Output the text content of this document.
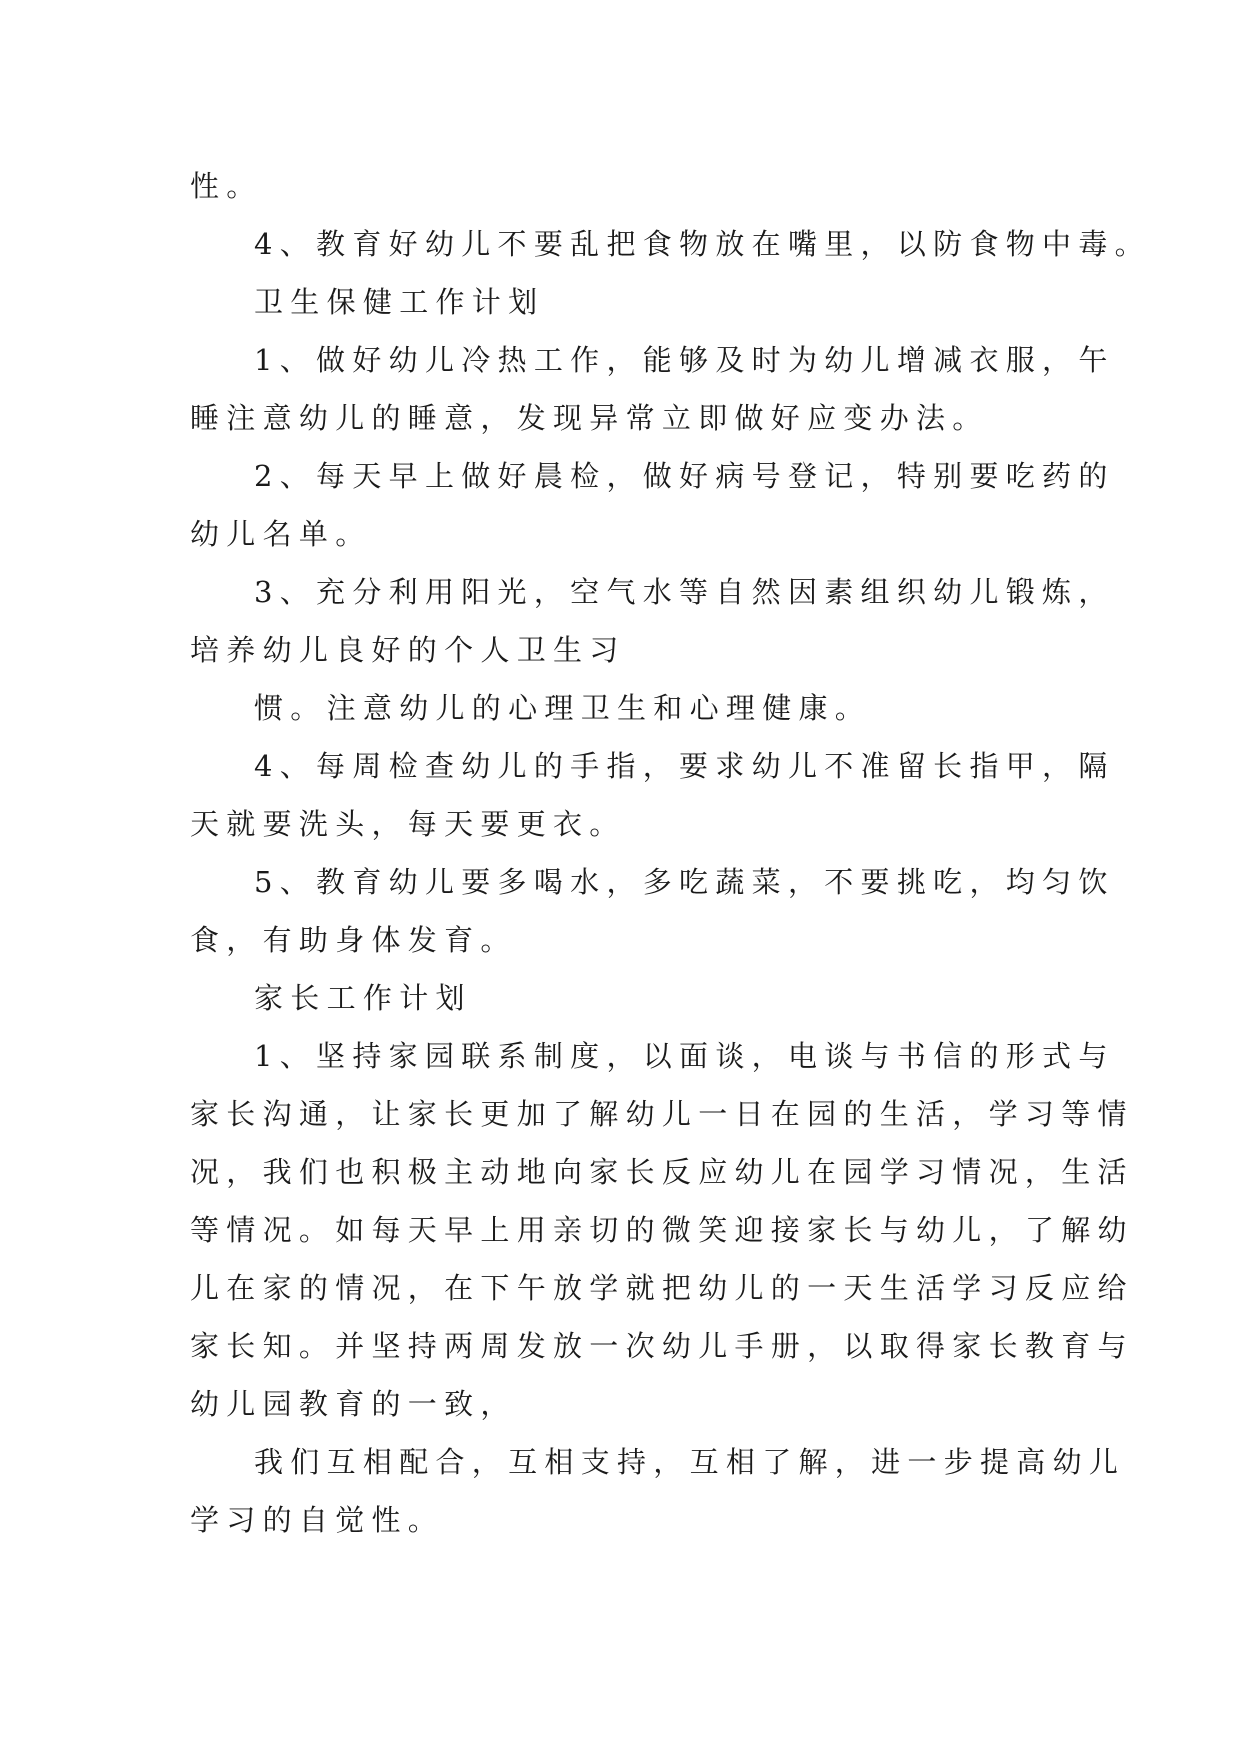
性。
4、教育好幼儿不要乱把食物放在嘴里，以防食物中毒。
卫生保健工作计划
1、做好幼儿冷热工作，能够及时为幼儿增减衣服，午
睡注意幼儿的睡意，发现异常立即做好应变办法。
2、每天早上做好晨检，做好病号登记，特别要吃药的
幼儿名单。
3、充分利用阳光，空气水等自然因素组织幼儿锻炼，
培养幼儿良好的个人卫生习
惯。注意幼儿的心理卫生和心理健康。
4、每周检查幼儿的手指，要求幼儿不准留长指甲，隔
天就要洗头，每天要更衣。
5、教育幼儿要多喝水，多吃蔬菜，不要挑吃，均匀饮
食，有助身体发育。
家长工作计划
1、坚持家园联系制度，以面谈，电谈与书信的形式与
家长沟通，让家长更加了解幼儿一日在园的生活，学习等情
况，我们也积极主动地向家长反应幼儿在园学习情况，生活
等情况。如每天早上用亲切的微笑迎接家长与幼儿，了解幼
儿在家的情况，在下午放学就把幼儿的一天生活学习反应给
家长知。并坚持两周发放一次幼儿手册，以取得家长教育与
幼儿园教育的一致，
我们互相配合，互相支持，互相了解，进一步提高幼儿
学习的自觉性。
